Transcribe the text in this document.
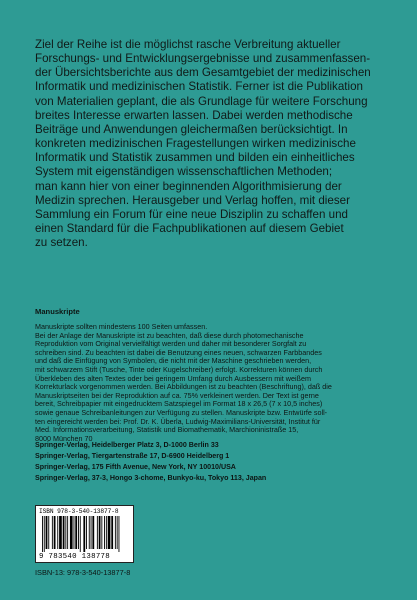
Ziel der Reihe ist die möglichst rasche Verbreitung aktueller
Forschungs- und Entwicklungsergebnisse und zusammenfassen-
der Übersichtsberichte aus dem Gesamtgebiet der medizinischen
Informatik und medizinischen Statistik. Ferner ist die Publikation
von Materialien geplant, die als Grundlage für weitere Forschung
breites Interesse erwarten lassen. Dabei werden methodische
Beiträge und Anwendungen gleichermaßen berücksichtigt. In
konkreten medizinischen Fragestellungen wirken medizinische
Informatik und Statistik zusammen und bilden ein einheitliches
System mit eigenständigen wissenschaftlichen Methoden;
man kann hier von einer beginnenden Algorithmisierung der
Medizin sprechen. Herausgeber und Verlag hoffen, mit dieser
Sammlung ein Forum für eine neue Disziplin zu schaffen und
einen Standard für die Fachpublikationen auf diesem Gebiet
zu setzen.
Manuskripte
Manuskripte sollten mindestens 100 Seiten umfassen.
Bei der Anlage der Manuskripte ist zu beachten, daß diese durch photomechanische
Reproduktion vom Original vervielfältigt werden und daher mit besonderer Sorgfalt zu
schreiben sind. Zu beachten ist dabei die Benutzung eines neuen, schwarzen Farbbandes
und daß die Einfügung von Symbolen, die nicht mit der Maschine geschrieben werden,
mit schwarzem Stift (Tusche, Tinte oder Kugelschreiber) erfolgt. Korrekturen können durch
Überkleben des alten Textes oder bei geringem Umfang durch Ausbessern mit weißem
Korrekturlack vorgenommen werden. Bei Abbildungen ist zu beachten (Beschriftung), daß die
Manuskriptseiten bei der Reproduktion auf ca. 75% verkleinert werden. Der Text ist gerne
bereit, Schreibpapier mit eingedrucktem Satzspiegel im Format 18 x 26,5 (7 x 10,5 inches)
sowie genaue Schreibanleitungen zur Verfügung zu stellen. Manuskripte bzw. Entwürfe soll-
ten eingereicht werden bei: Prof. Dr. K. Überla, Ludwig-Maximilians-Universität, Institut für
Med. Informationsverarbeitung, Statistik und Biomathematik, Marchioninistraße 15,
8000 München 70
Springer-Verlag, Heidelberger Platz 3, D-1000 Berlin 33
Springer-Verlag, Tiergartenstraße 17, D-6900 Heidelberg 1
Springer-Verlag, 175 Fifth Avenue, New York, NY 10010/USA
Springer-Verlag, 37-3, Hongo 3-chome, Bunkyo-ku, Tokyo 113, Japan
ISBN 978-3-540-13877-8
9 783540 138778
ISBN-13: 978-3-540-13877-8
